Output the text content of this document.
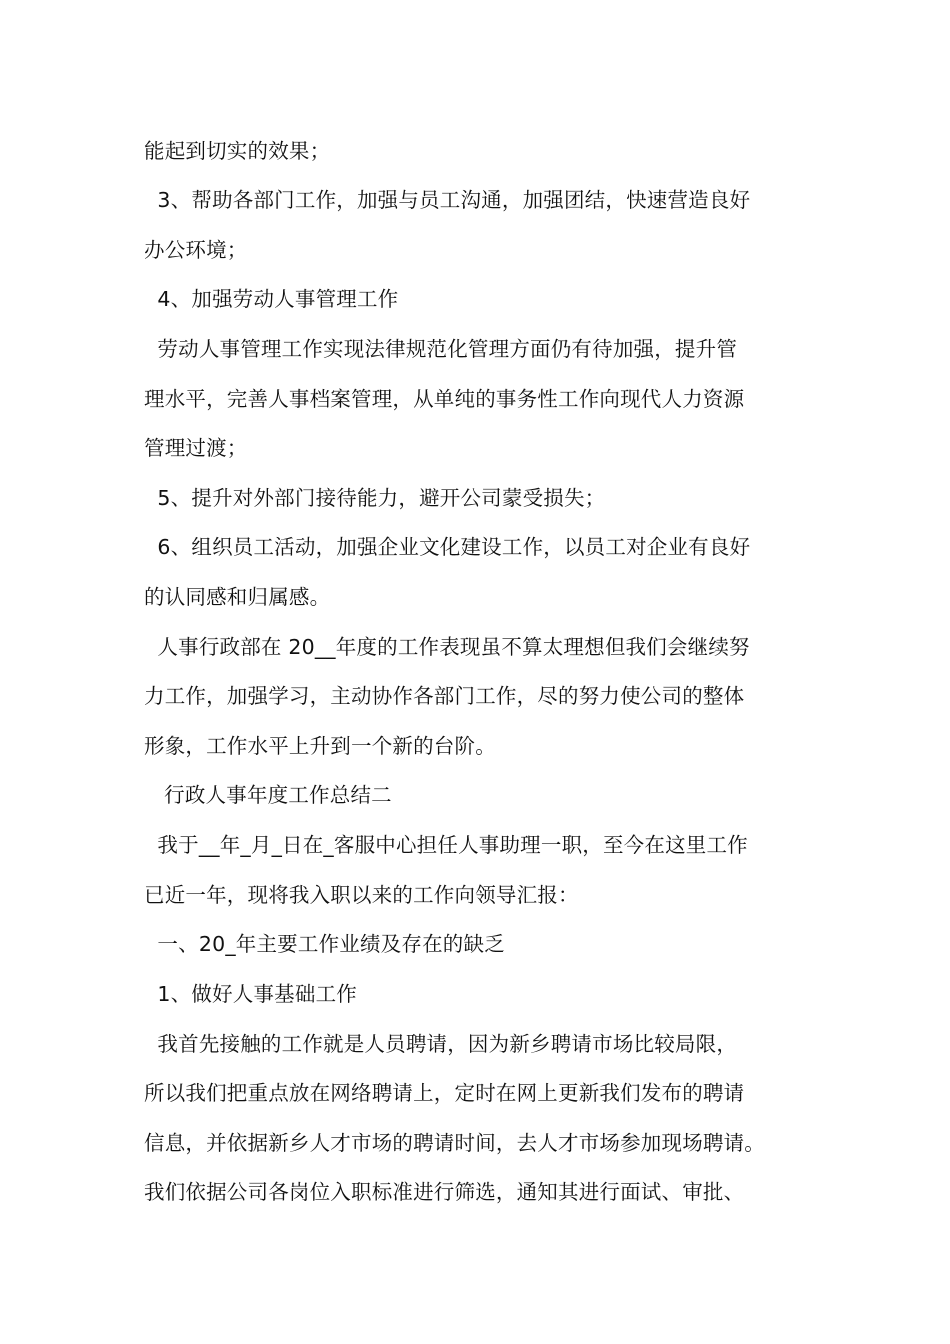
能起到切实的效果；
3、帮助各部门工作，加强与员工沟通，加强团结，快速营造良好
办公环境；
4、加强劳动人事管理工作
劳动人事管理工作实现法律规范化管理方面仍有待加强，提升管
理水平，完善人事档案管理，从单纯的事务性工作向现代人力资源
管理过渡；
5、提升对外部门接待能力，避开公司蒙受损失；
6、组织员工活动，加强企业文化建设工作，以员工对企业有良好
的认同感和归属感。
人事行政部在 20__年度的工作表现虽不算太理想但我们会继续努
力工作，加强学习，主动协作各部门工作，尽的努力使公司的整体
形象，工作水平上升到一个新的台阶。
行政人事年度工作总结二
我于__年_月_日在_客服中心担任人事助理一职，至今在这里工作
已近一年，现将我入职以来的工作向领导汇报：
一、20_年主要工作业绩及存在的缺乏
1、做好人事基础工作
我首先接触的工作就是人员聘请，因为新乡聘请市场比较局限，
所以我们把重点放在网络聘请上，定时在网上更新我们发布的聘请
信息，并依据新乡人才市场的聘请时间，去人才市场参加现场聘请。
我们依据公司各岗位入职标准进行筛选，通知其进行面试、审批、
